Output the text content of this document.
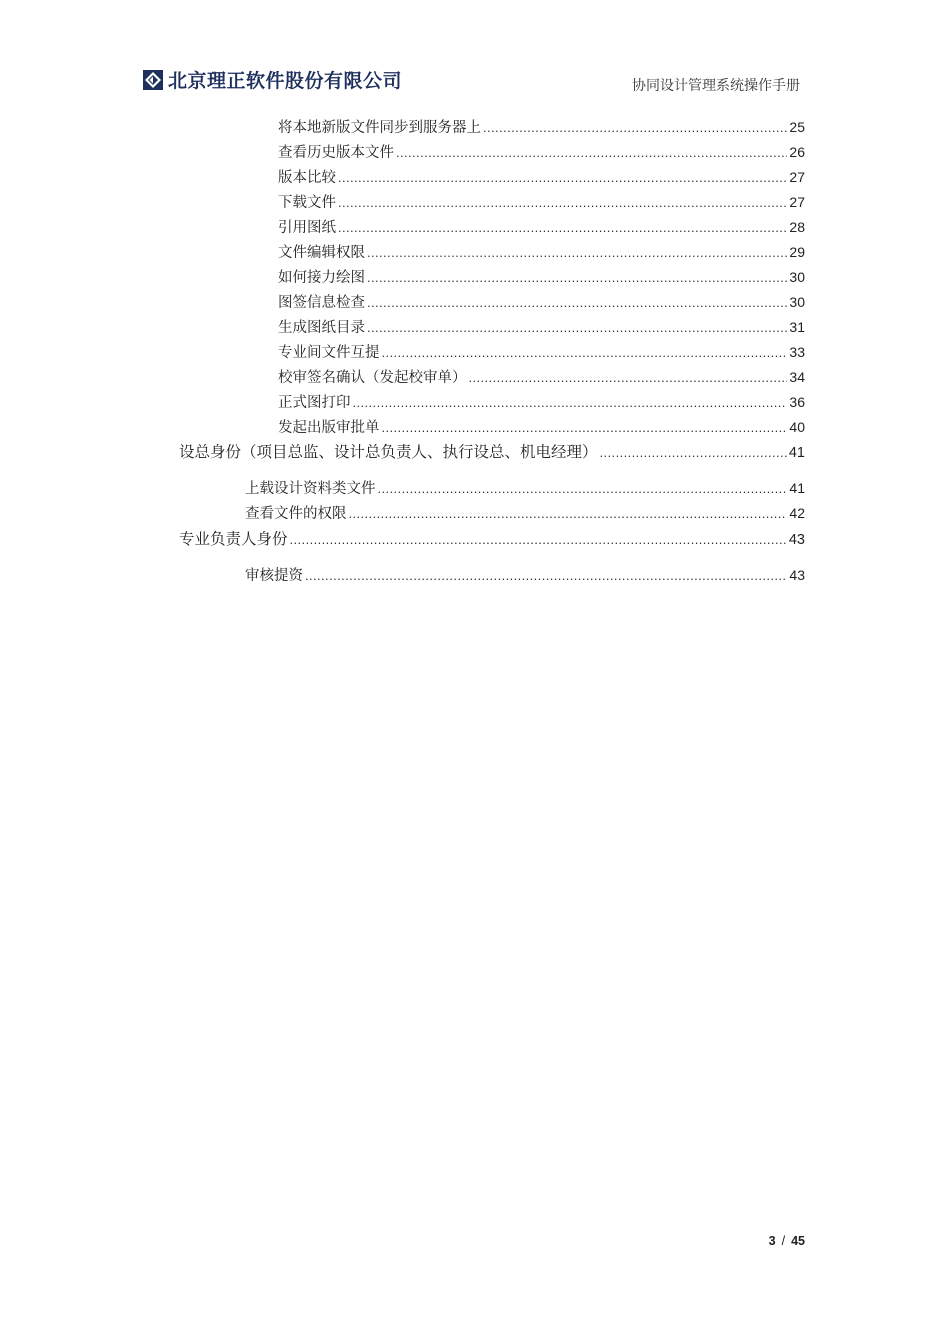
北京理正软件股份有限公司	协同设计管理系统操作手册
将本地新版文件同步到服务器上 .....	25
查看历史版本文件 .....	26
版本比较 .....	27
下载文件 .....	27
引用图纸 .....	28
文件编辑权限 .....	29
如何接力绘图 .....	30
图签信息检查 .....	30
生成图纸目录 .....	31
专业间文件互提 .....	33
校审签名确认（发起校审单） .....	34
正式图打印 .....	36
发起出版审批单 .....	40
设总身份（项目总监、设计总负责人、执行设总、机电经理） .....	41
上载设计资料类文件 .....	41
查看文件的权限 .....	42
专业负责人身份 .....	43
审核提资 .....	43
3 / 45
